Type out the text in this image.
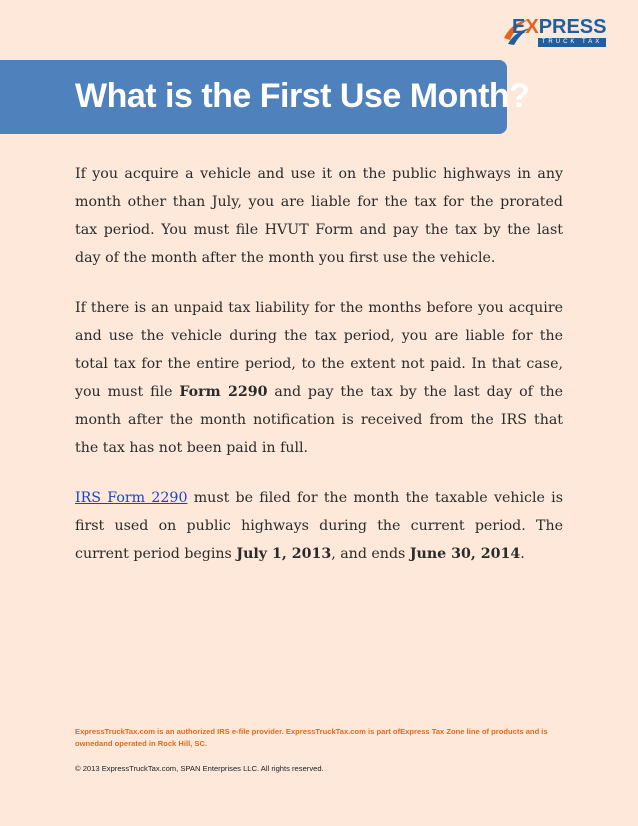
EXPRESS
TRUCK TAX
What is the First Use Month?

If you acquire a vehicle and use it on the public highways in any month other than July, you are liable for the tax for the prorated tax period. You must file HVUT Form and pay the tax by the last day of the month after the month you first use the vehicle.

If there is an unpaid tax liability for the months before you acquire and use the vehicle during the tax period, you are liable for the total tax for the entire period, to the extent not paid. In that case, you must file Form 2290 and pay the tax by the last day of the month after the month notification is received from the IRS that the tax has not been paid in full.

IRS Form 2290 must be filed for the month the taxable vehicle is first used on public highways during the current period. The current period begins July 1, 2013, and ends June 30, 2014.

ExpressTruckTax.com is an authorized IRS e-file provider. ExpressTruckTax.com is part ofExpress Tax Zone line of products and is ownedand operated in Rock Hill, SC.
© 2013 ExpressTruckTax.com, SPAN Enterprises LLC. All rights reserved.
